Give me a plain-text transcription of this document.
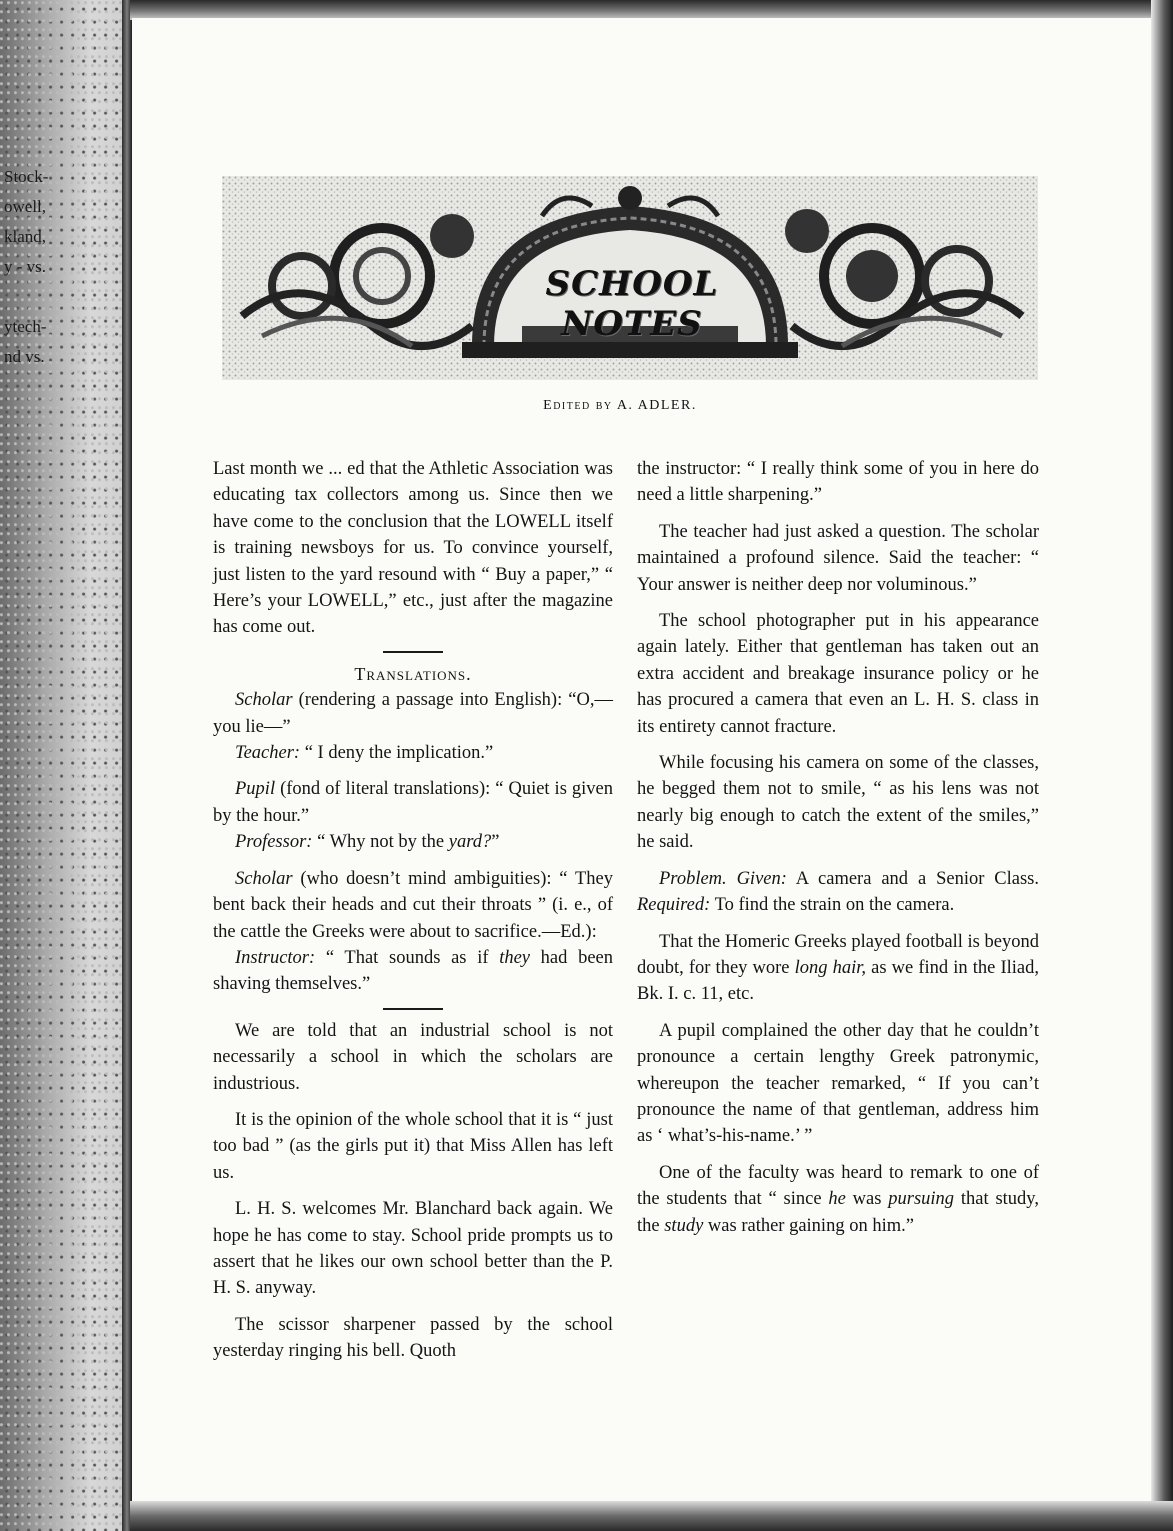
Stock-
owell,
kland,
y - vs.
ytech-
nd vs.
SCHOOL NOTES
Edited by A. ADLER.

Last month we ... ed that the Athletic Association was educating tax collectors among us. Since then we have come to the conclusion that the LOWELL itself is training newsboys for us. To convince yourself, just listen to the yard resound with “ Buy a paper,” “ Here’s your LOWELL,” etc., just after the magazine has come out.

Translations.

Scholar (rendering a passage into English): “O,—you lie—”

Teacher: “ I deny the implication.”

Pupil (fond of literal translations): “ Quiet is given by the hour.”

Professor: “ Why not by the yard?”

Scholar (who doesn’t mind ambiguities): “ They bent back their heads and cut their throats ” (i. e., of the cattle the Greeks were about to sacrifice.—Ed.):

Instructor: “ That sounds as if they had been shaving themselves.”

We are told that an industrial school is not necessarily a school in which the scholars are industrious.

It is the opinion of the whole school that it is “ just too bad ” (as the girls put it) that Miss Allen has left us.

L. H. S. welcomes Mr. Blanchard back again. We hope he has come to stay. School pride prompts us to assert that he likes our own school better than the P. H. S. anyway.

The scissor sharpener passed by the school yesterday ringing his bell. Quoth

the instructor: “ I really think some of you in here do need a little sharpening.”

The teacher had just asked a question. The scholar maintained a profound silence. Said the teacher: “ Your answer is neither deep nor voluminous.”

The school photographer put in his appearance again lately. Either that gentleman has taken out an extra accident and breakage insurance policy or he has procured a camera that even an L. H. S. class in its entirety cannot fracture.

While focusing his camera on some of the classes, he begged them not to smile, “ as his lens was not nearly big enough to catch the extent of the smiles,” he said.

Problem. Given: A camera and a Senior Class. Required: To find the strain on the camera.

That the Homeric Greeks played football is beyond doubt, for they wore long hair, as we find in the Iliad, Bk. I. c. 11, etc.

A pupil complained the other day that he couldn’t pronounce a certain lengthy Greek patronymic, whereupon the teacher remarked, “ If you can’t pronounce the name of that gentleman, address him as ‘ what’s-his-name.’ ”

One of the faculty was heard to remark to one of the students that “ since he was pursuing that study, the study was rather gaining on him.”
